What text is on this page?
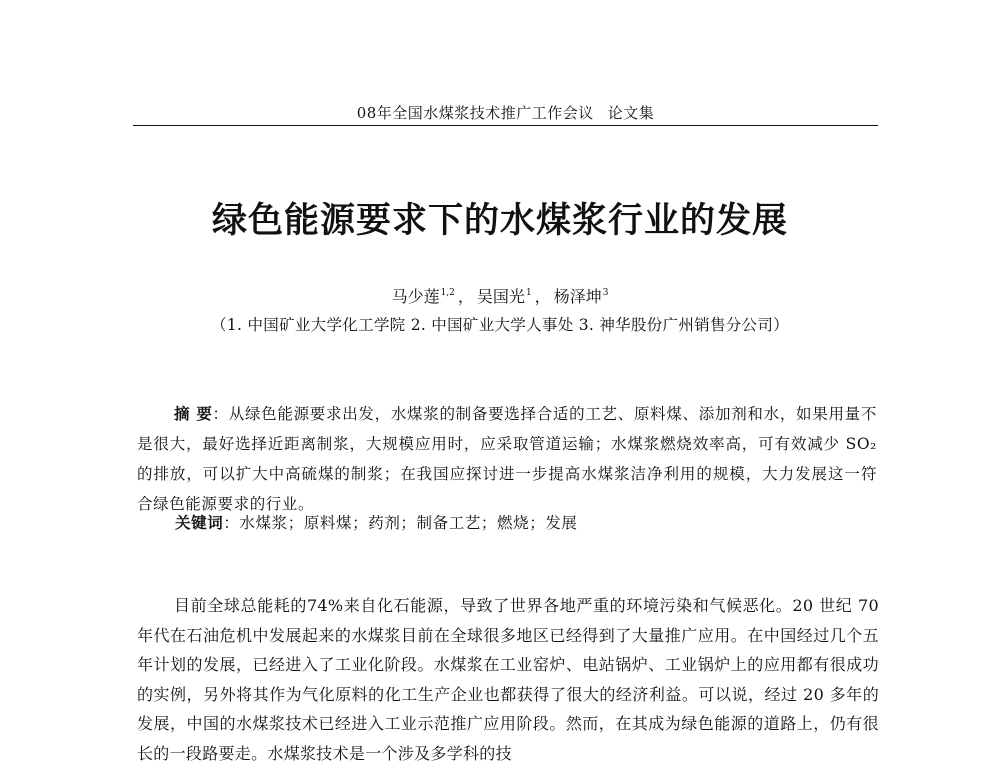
08年全国水煤浆技术推广工作会议 论文集
绿色能源要求下的水煤浆行业的发展
马少莲$^{1,2}$ ， 吴国光$^1$ ， 杨泽坤$^3$
（1. 中国矿业大学化工学院 2. 中国矿业大学人事处 3. 神华股份广州销售分公司）
摘 要：从绿色能源要求出发，水煤浆的制备要选择合适的工艺、原料煤、添加剂和水，如果用量不是很大，最好选择近距离制浆，大规模应用时，应采取管道运输；水煤浆燃烧效率高，可有效减少 SO₂ 的排放，可以扩大中高硫煤的制浆；在我国应探讨进一步提高水煤浆洁净利用的规模，大力发展这一符合绿色能源要求的行业。
关键词：水煤浆；原料煤；药剂；制备工艺；燃烧；发展
目前全球总能耗的74%来自化石能源，导致了世界各地严重的环境污染和气候恶化。20 世纪 70 年代在石油危机中发展起来的水煤浆目前在全球很多地区已经得到了大量推广应用。在中国经过几个五年计划的发展，已经进入了工业化阶段。水煤浆在工业窑炉、电站锅炉、工业锅炉上的应用都有很成功的实例，另外将其作为气化原料的化工生产企业也都获得了很大的经济利益。可以说，经过 20 多年的发展，中国的水煤浆技术已经进入工业示范推广应用阶段。然而，在其成为绿色能源的道路上，仍有很长的一段路要走。水煤浆技术是一个涉及多学科的技
